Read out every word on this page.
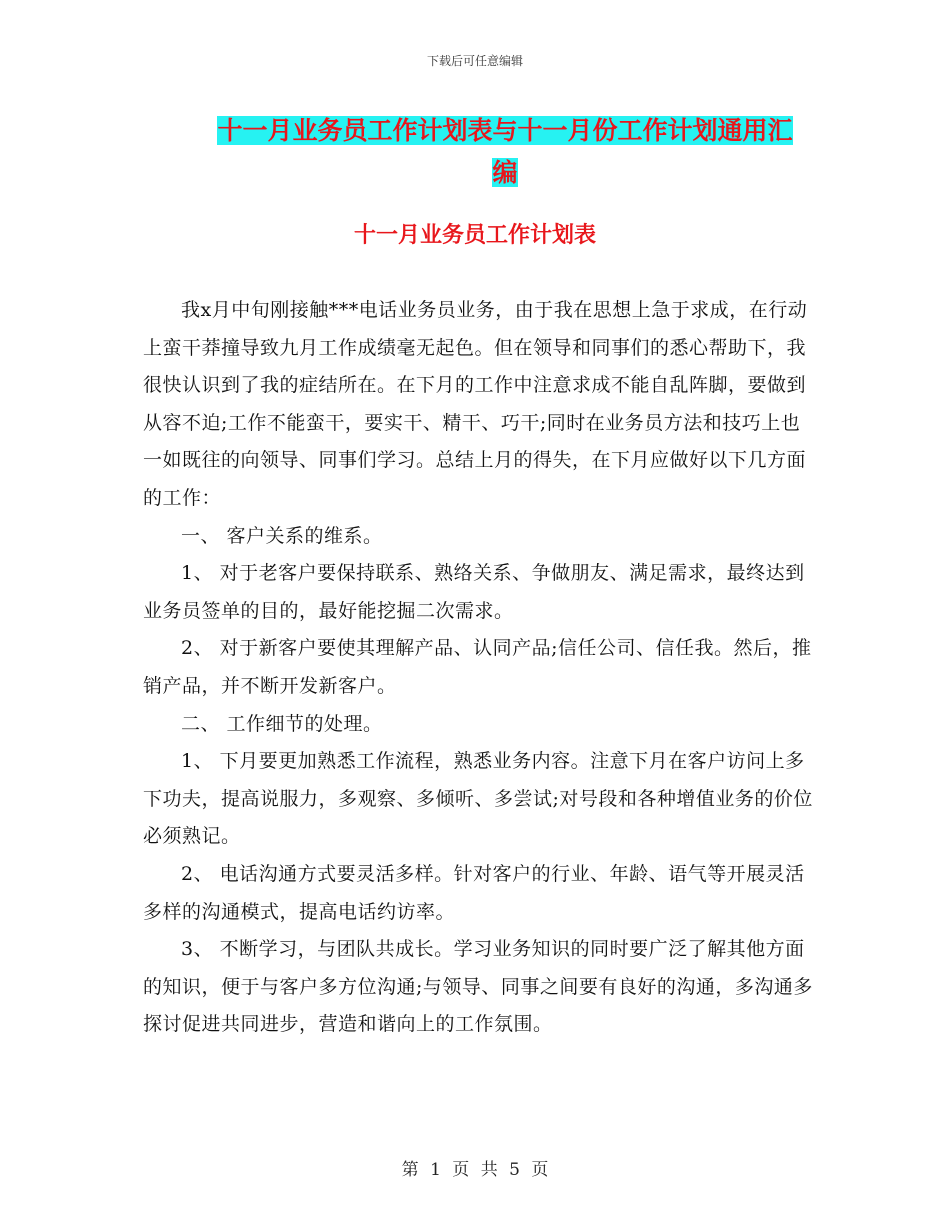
下载后可任意编辑
十一月业务员工作计划表与十一月份工作计划通用汇
编
十一月业务员工作计划表

我x月中旬刚接触***电话业务员业务，由于我在思想上急于求成，在行动上蛮干莽撞导致九月工作成绩毫无起色。但在领导和同事们的悉心帮助下，我很快认识到了我的症结所在。在下月的工作中注意求成不能自乱阵脚，要做到从容不迫;工作不能蛮干，要实干、精干、巧干;同时在业务员方法和技巧上也一如既往的向领导、同事们学习。总结上月的得失，在下月应做好以下几方面的工作：

一、 客户关系的维系。

1、 对于老客户要保持联系、熟络关系、争做朋友、满足需求，最终达到业务员签单的目的，最好能挖掘二次需求。

2、 对于新客户要使其理解产品、认同产品;信任公司、信任我。然后，推销产品，并不断开发新客户。

二、 工作细节的处理。

1、 下月要更加熟悉工作流程，熟悉业务内容。注意下月在客户访问上多下功夫，提高说服力，多观察、多倾听、多尝试;对号段和各种增值业务的价位必须熟记。

2、 电话沟通方式要灵活多样。针对客户的行业、年龄、语气等开展灵活多样的沟通模式，提高电话约访率。

3、 不断学习，与团队共成长。学习业务知识的同时要广泛了解其他方面的知识，便于与客户多方位沟通;与领导、同事之间要有良好的沟通，多沟通多探讨促进共同进步，营造和谐向上的工作氛围。

第 1 页 共 5 页
